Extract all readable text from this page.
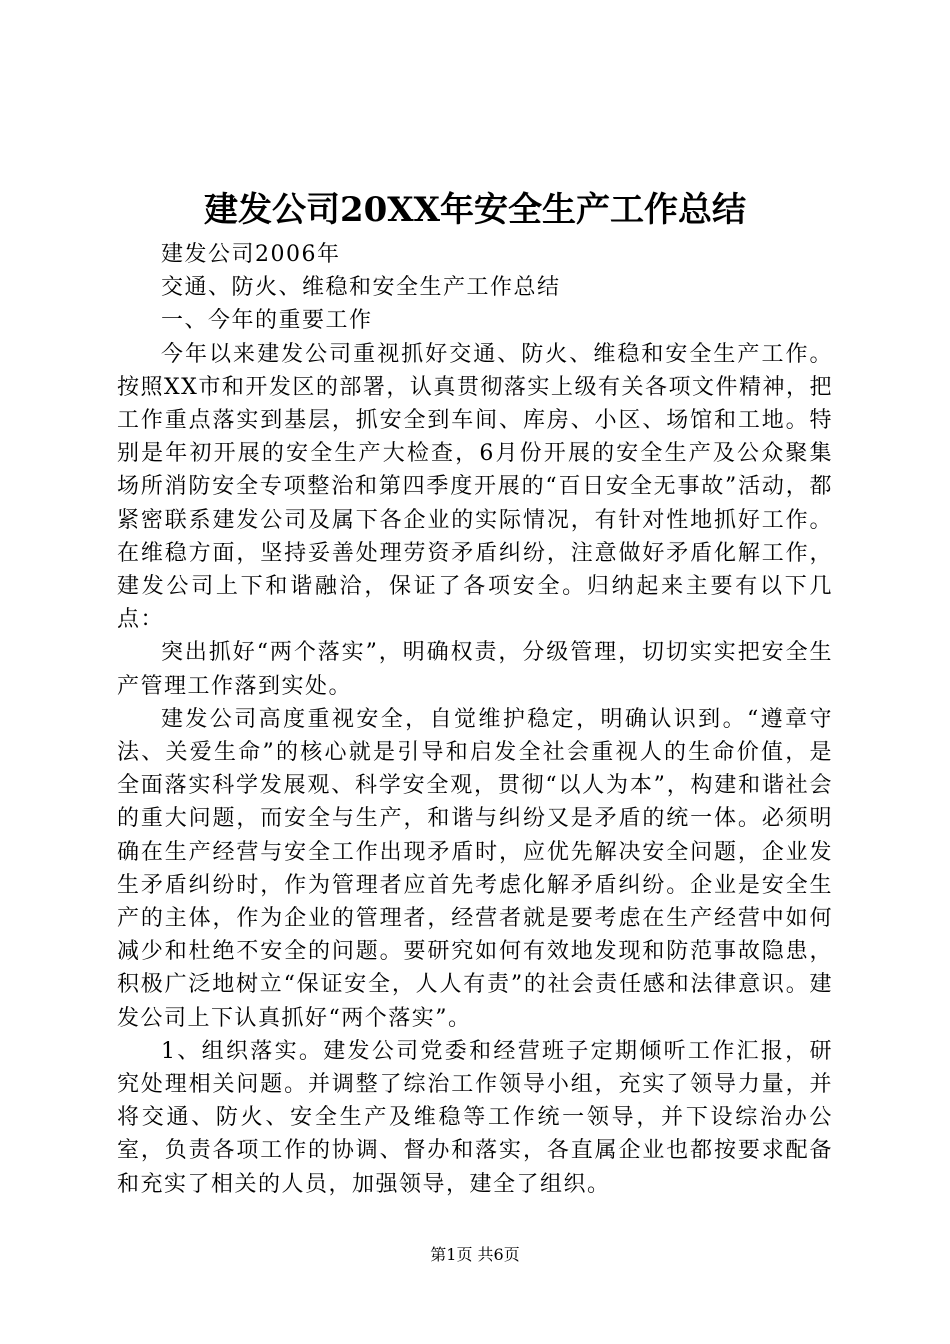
建发公司20XX年安全生产工作总结

建发公司2006年

交通、防火、维稳和安全生产工作总结

一、今年的重要工作

今年以来建发公司重视抓好交通、防火、维稳和安全生产工作。按照XX市和开发区的部署，认真贯彻落实上级有关各项文件精神，把工作重点落实到基层，抓安全到车间、库房、小区、场馆和工地。特别是年初开展的安全生产大检查，6月份开展的安全生产及公众聚集场所消防安全专项整治和第四季度开展的“百日安全无事故”活动，都紧密联系建发公司及属下各企业的实际情况，有针对性地抓好工作。在维稳方面，坚持妥善处理劳资矛盾纠纷，注意做好矛盾化解工作，建发公司上下和谐融洽，保证了各项安全。归纳起来主要有以下几点：

突出抓好“两个落实”，明确权责，分级管理，切切实实把安全生产管理工作落到实处。

建发公司高度重视安全，自觉维护稳定，明确认识到。“遵章守法、关爱生命”的核心就是引导和启发全社会重视人的生命价值，是全面落实科学发展观、科学安全观，贯彻“以人为本”，构建和谐社会的重大问题，而安全与生产，和谐与纠纷又是矛盾的统一体。必须明确在生产经营与安全工作出现矛盾时，应优先解决安全问题，企业发生矛盾纠纷时，作为管理者应首先考虑化解矛盾纠纷。企业是安全生产的主体，作为企业的管理者，经营者就是要考虑在生产经营中如何减少和杜绝不安全的问题。要研究如何有效地发现和防范事故隐患，积极广泛地树立“保证安全，人人有责”的社会责任感和法律意识。建发公司上下认真抓好“两个落实”。

1、组织落实。建发公司党委和经营班子定期倾听工作汇报，研究处理相关问题。并调整了综治工作领导小组，充实了领导力量，并将交通、防火、安全生产及维稳等工作统一领导，并下设综治办公室，负责各项工作的协调、督办和落实，各直属企业也都按要求配备和充实了相关的人员，加强领导，建全了组织。

第1页 共6页
